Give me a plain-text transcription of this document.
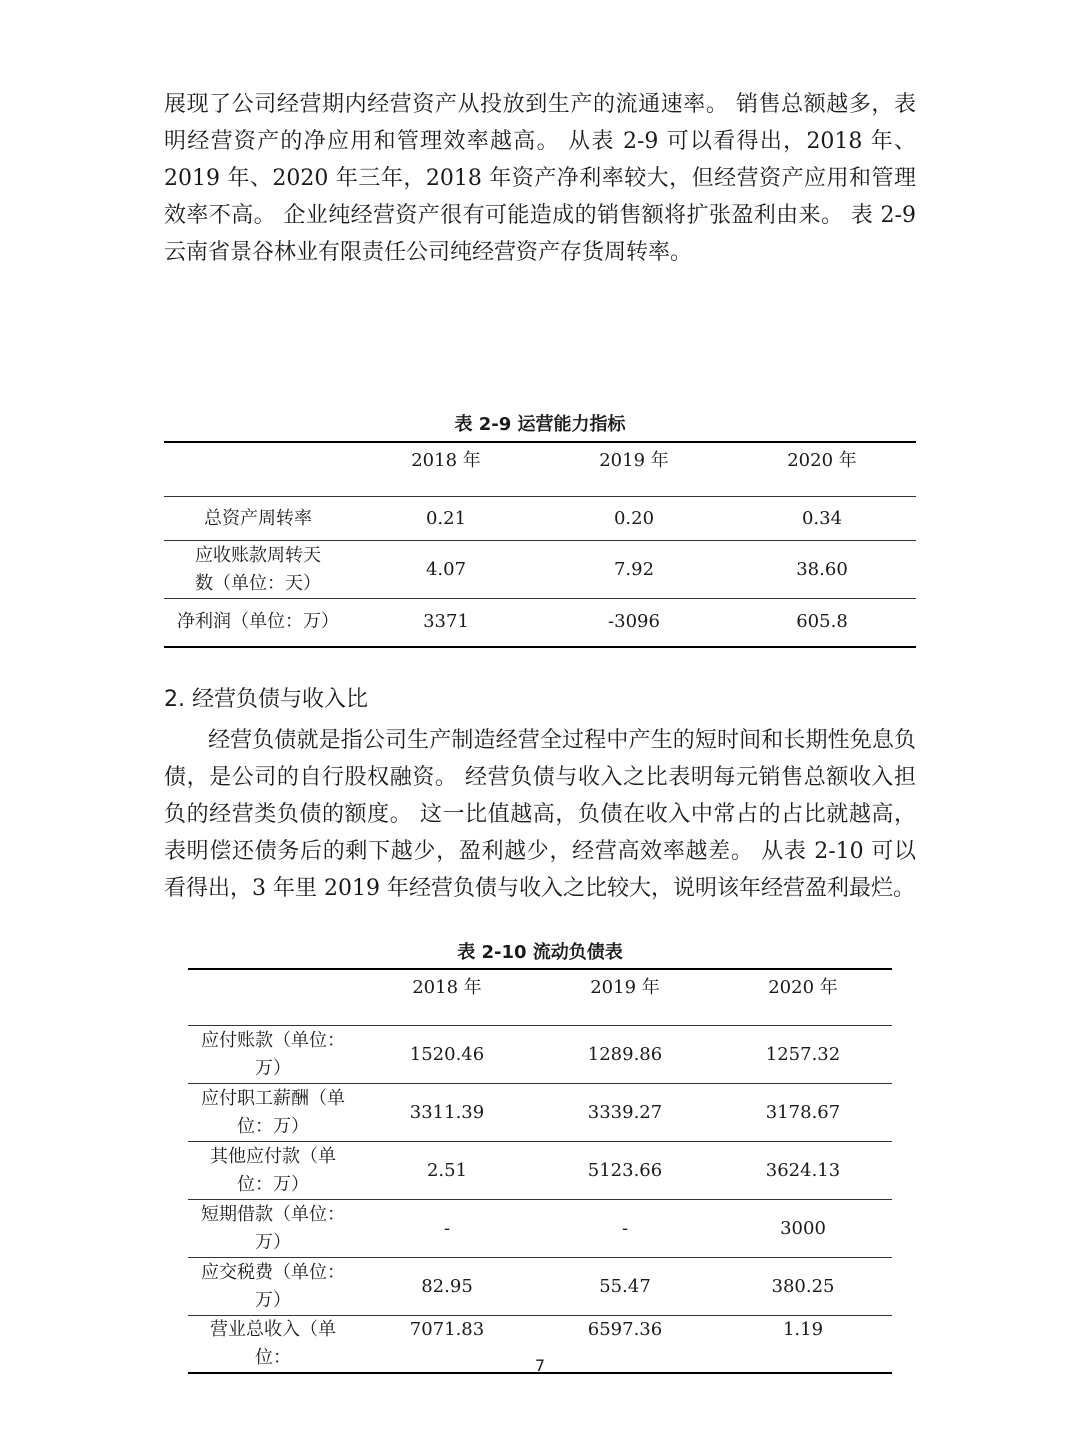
展现了公司经营期内经营资产从投放到生产的流通速率。 销售总额越多，表明经营资产的净应用和管理效率越高。 从表 2-9 可以看得出，2018 年、2019 年、2020 年三年，2018 年资产净利率较大，但经营资产应用和管理效率不高。 企业纯经营资产很有可能造成的销售额将扩张盈利由来。 表 2-9 云南省景谷林业有限责任公司纯经营资产存货周转率。

表 2-9 运营能力指标
	2018 年	2019 年	2020 年
总资产周转率	0.21	0.20	0.34
应收账款周转天数（单位：天）	4.07	7.92	38.60
净利润（单位：万）	3371	-3096	605.8
2. 经营负债与收入比

经营负债就是指公司生产制造经营全过程中产生的短时间和长期性免息负债，是公司的自行股权融资。 经营负债与收入之比表明每元销售总额收入担负的经营类负债的额度。 这一比值越高，负债在收入中常占的占比就越高，表明偿还债务后的剩下越少，盈利越少，经营高效率越差。 从表 2-10 可以看得出，3 年里 2019 年经营负债与收入之比较大，说明该年经营盈利最烂。

表 2-10 流动负债表
	2018 年	2019 年	2020 年
应付账款（单位：万）	1520.46	1289.86	1257.32
应付职工薪酬（单位：万）	3311.39	3339.27	3178.67
其他应付款（单位：万）	2.51	5123.66	3624.13
短期借款（单位：万）	-	-	3000
应交税费（单位：万）	82.95	55.47	380.25
营业总收入（单位：	7071.83	6597.36	1.19
7
